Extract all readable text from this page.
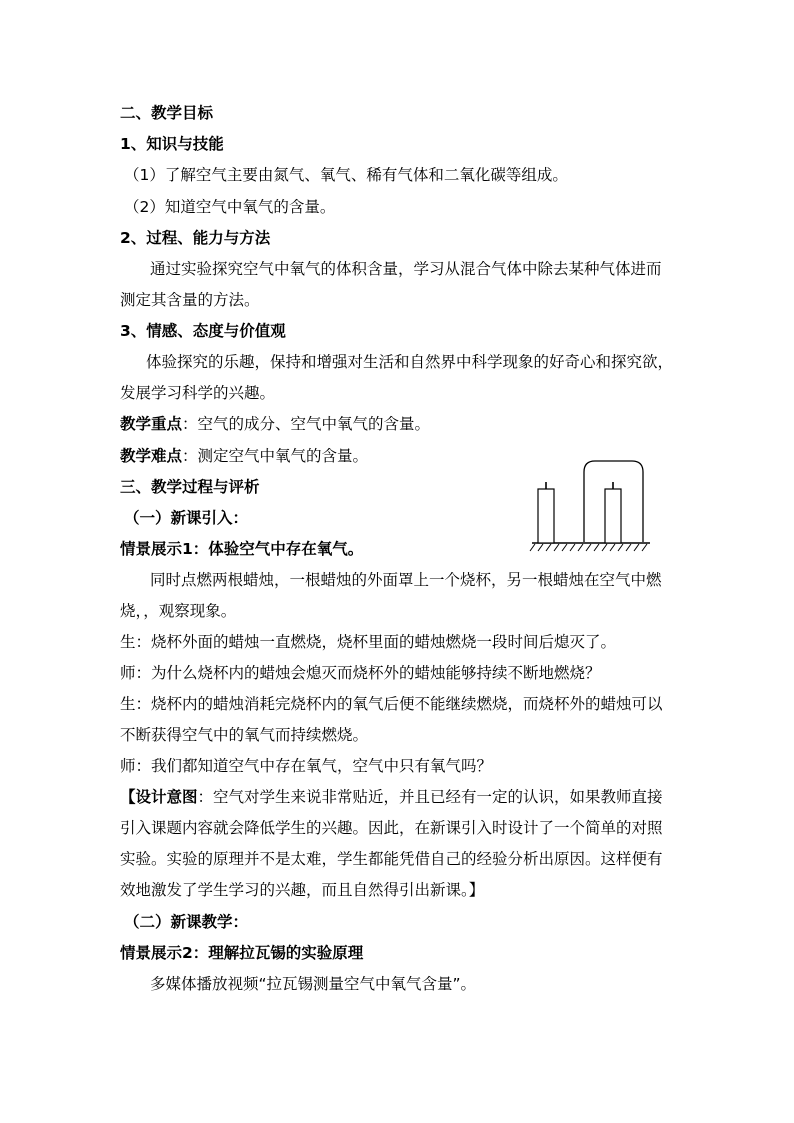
二、教学目标
1、知识与技能
（1）了解空气主要由氮气、氧气、稀有气体和二氧化碳等组成。
（2）知道空气中氧气的含量。
2、过程、能力与方法
通过实验探究空气中氧气的体积含量，学习从混合气体中除去某种气体进而
测定其含量的方法。
3、情感、态度与价值观
体验探究的乐趣，保持和增强对生活和自然界中科学现象的好奇心和探究欲，
发展学习科学的兴趣。
教学重点：空气的成分、空气中氧气的含量。
教学难点：测定空气中氧气的含量。
三、教学过程与评析
（一）新课引入：
情景展示1：体验空气中存在氧气。
同时点燃两根蜡烛，一根蜡烛的外面罩上一个烧杯，另一根蜡烛在空气中燃
烧，，观察现象。
生：烧杯外面的蜡烛一直燃烧，烧杯里面的蜡烛燃烧一段时间后熄灭了。
师：为什么烧杯内的蜡烛会熄灭而烧杯外的蜡烛能够持续不断地燃烧？
生：烧杯内的蜡烛消耗完烧杯内的氧气后便不能继续燃烧，而烧杯外的蜡烛可以
不断获得空气中的氧气而持续燃烧。
师：我们都知道空气中存在氧气，空气中只有氧气吗？
【设计意图：空气对学生来说非常贴近，并且已经有一定的认识，如果教师直接
引入课题内容就会降低学生的兴趣。因此，在新课引入时设计了一个简单的对照
实验。实验的原理并不是太难，学生都能凭借自己的经验分析出原因。这样便有
效地激发了学生学习的兴趣，而且自然得引出新课。】
（二）新课教学：
情景展示2：理解拉瓦锡的实验原理
多媒体播放视频“拉瓦锡测量空气中氧气含量”。
